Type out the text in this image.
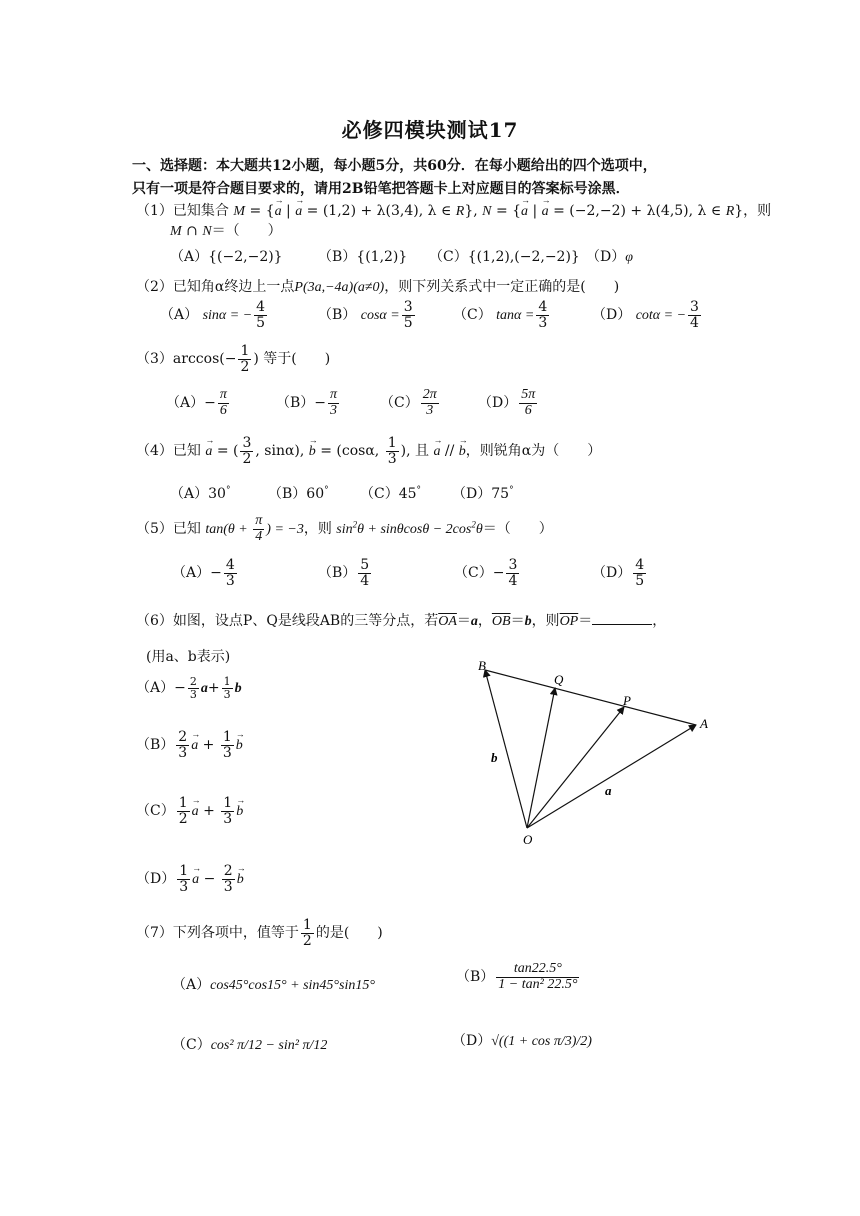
必修四模块测试17
一、选择题：本大题共12小题，每小题5分，共60分．在每小题给出的四个选项中，
只有一项是符合题目要求的，请用2B铅笔把答题卡上对应题目的答案标号涂黑．
（1）已知集合 M = {a → | a → = (1,2) + λ(3,4), λ ∈ R}, N = {a → | a → = (−2,−2) + λ(4,5), λ ∈ R}，则
M ∩ N＝（　　）
（A）{(−2,−2)}	（B）{(1,2)} （C）{(1,2),(−2,−2)} （D）φ
（2）已知角α终边上一点P(3a,−4a)(a≠0)，则下列关系式中一定正确的是(　　)
（A） sinα = − $\frac{4}{5}$	（B） $\cos\alpha = \frac{3}{5}$	（C） $\tan\alpha = \frac{4}{3}$	（D） cotα = − $\frac{3}{4}$
$(3)\arccos(- \frac{1}{2}$ ) 等于(　　)
$(A)- \frac{\pi}{6}$	$(B)- \frac{\pi}{3}$	$(C) \frac{2\pi}{3}$	$(D) \frac{5\pi}{6}$
（4）已知 a → = ( $\frac{3}{2}$ , sinα), b → = (cosα, $\frac{1}{3}$ ), 且 a → // b →，则锐角α为（　　）
（A）30°	（B）60° （C）45° （D）75°
（5）已知 $\tan(\theta + \frac{\pi}{4}$ ) = −3，则 $\sin^2\theta + \sin\theta\cos\theta - 2\cos^2\theta=$（　　）
$(A)- \frac{4}{3}$	$(B) \frac{5}{4}$	$(C)- \frac{3}{4}$	$(D) \frac{4}{5}$
（6）如图，设点P、Q是线段AB的三等分点，若$\overline{OA}=a$，$\overline{OB}=b$，则$\overline{OP}=$	，
(用a、b表示)
$(A)- \frac{2}{3} a+ \frac{1}{3}$ b
$(B) \frac{2}{3}$ a → + $\frac{1}{3}$ b →
$(C) \frac{1}{2}$ a → + $\frac{1}{3}$ b →
$(D) \frac{1}{3}$ a → − $\frac{2}{3}$ b →
B
Q
P
A
O
a
b
（7）下列各项中，值等于 $\frac{1}{2}$ 的是(　　)
（A）cos45°cos15° + sin45°sin15°
$(B) \frac{\tan 22.5^\circ}{\text{1 − tan² 22.5°}}$
（C）cos² π/12 − sin² π/12	（D）√((1 + cos π/3)/2)
